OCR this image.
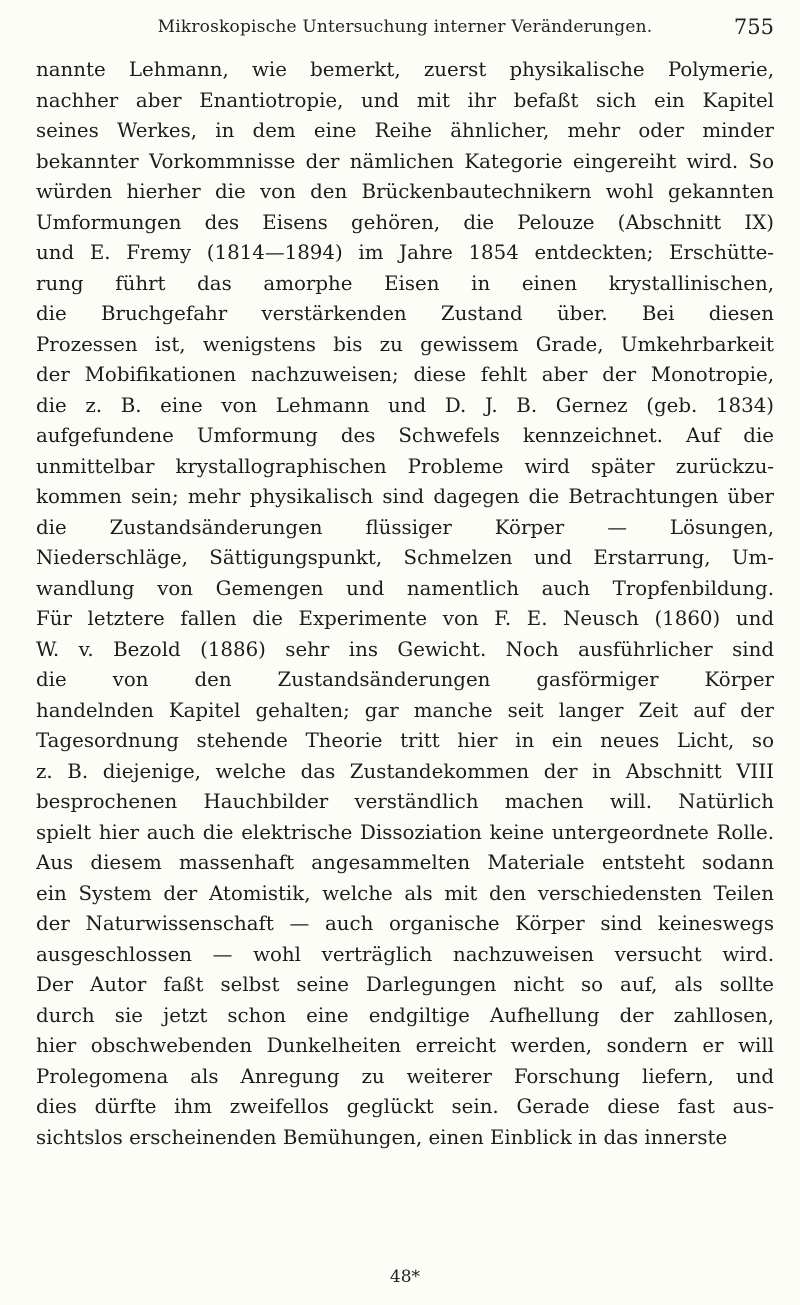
Mikroskopische Untersuchung interner Veränderungen.	755
nannte Lehmann, wie bemerkt, zuerst physikalische Polymerie,
nachher aber Enantiotropie, und mit ihr befaßt sich ein Kapitel
seines Werkes, in dem eine Reihe ähnlicher, mehr oder minder
bekannter Vorkommnisse der nämlichen Kategorie eingereiht wird. So
würden hierher die von den Brückenbautechnikern wohl gekannten
Umformungen des Eisens gehören, die Pelouze (Abschnitt IX)
und E. Fremy (1814—1894) im Jahre 1854 entdeckten; Erschütte-
rung führt das amorphe Eisen in einen krystallinischen,
die Bruchgefahr verstärkenden Zustand über. Bei diesen
Prozessen ist, wenigstens bis zu gewissem Grade, Umkehrbarkeit
der Mobifikationen nachzuweisen; diese fehlt aber der Monotropie,
die z. B. eine von Lehmann und D. J. B. Gernez (geb. 1834)
aufgefundene Umformung des Schwefels kennzeichnet. Auf die
unmittelbar krystallographischen Probleme wird später zurückzu-
kommen sein; mehr physikalisch sind dagegen die Betrachtungen über
die Zustandsänderungen flüssiger Körper — Lösungen,
Niederschläge, Sättigungspunkt, Schmelzen und Erstarrung, Um-
wandlung von Gemengen und namentlich auch Tropfenbildung.
Für letztere fallen die Experimente von F. E. Neusch (1860) und
W. v. Bezold (1886) sehr ins Gewicht. Noch ausführlicher sind
die von den Zustandsänderungen gasförmiger Körper
handelnden Kapitel gehalten; gar manche seit langer Zeit auf der
Tagesordnung stehende Theorie tritt hier in ein neues Licht, so
z. B. diejenige, welche das Zustandekommen der in Abschnitt VIII
besprochenen Hauchbilder verständlich machen will. Natürlich
spielt hier auch die elektrische Dissoziation keine untergeordnete Rolle.
Aus diesem massenhaft angesammelten Materiale entsteht sodann
ein System der Atomistik, welche als mit den verschiedensten Teilen
der Naturwissenschaft — auch organische Körper sind keineswegs
ausgeschlossen — wohl verträglich nachzuweisen versucht wird.
Der Autor faßt selbst seine Darlegungen nicht so auf, als sollte
durch sie jetzt schon eine endgiltige Aufhellung der zahllosen,
hier obschwebenden Dunkelheiten erreicht werden, sondern er will
Prolegomena als Anregung zu weiterer Forschung liefern, und
dies dürfte ihm zweifellos geglückt sein. Gerade diese fast aus-
sichtslos erscheinenden Bemühungen, einen Einblick in das innerste
48*
